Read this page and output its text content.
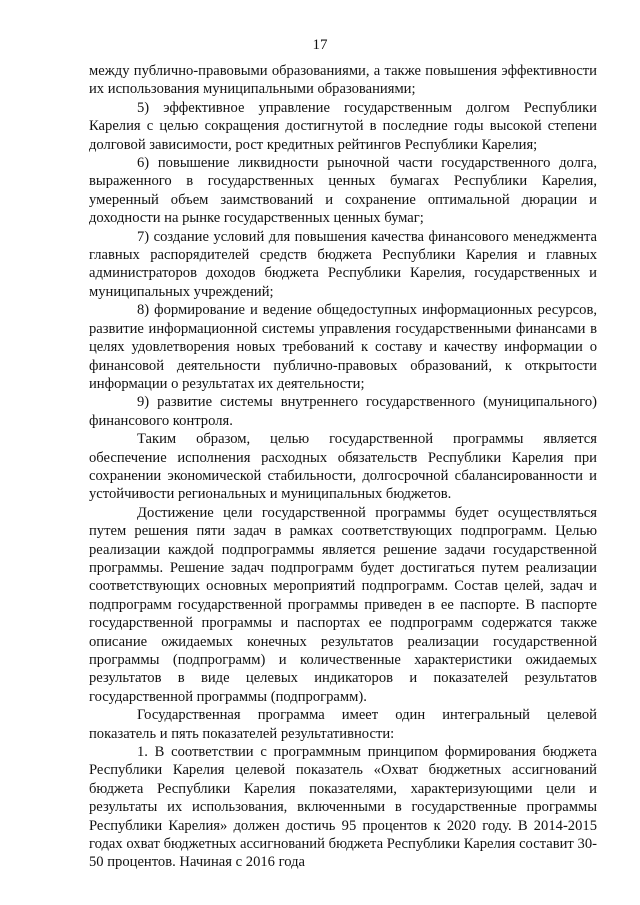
17

между публично-правовыми образованиями, а также повышения эффективности их использования муниципальными образованиями;

5) эффективное управление государственным долгом Республики Карелия с целью сокращения достигнутой в последние годы высокой степени долговой зависимости, рост кредитных рейтингов Республики Карелия;

6) повышение ликвидности рыночной части государственного долга, выраженного в государственных ценных бумагах Республики Карелия, умеренный объем заимствований и сохранение оптимальной дюрации и доходности на рынке государственных ценных бумаг;

7) создание условий для повышения качества финансового менеджмента главных распорядителей средств бюджета Республики Карелия и главных администраторов доходов бюджета Республики Карелия, государственных и муниципальных учреждений;

8) формирование и ведение общедоступных информационных ресурсов, развитие информационной системы управления государственными финансами в целях удовлетворения новых требований к составу и качеству информации о финансовой деятельности публично-правовых образований, к открытости информации о результатах их деятельности;

9) развитие системы внутреннего государственного (муниципального) финансового контроля.

Таким образом, целью государственной программы является обеспечение исполнения расходных обязательств Республики Карелия при сохранении экономической стабильности, долгосрочной сбалансированности и устойчивости региональных и муниципальных бюджетов.

Достижение цели государственной программы будет осуществляться путем решения пяти задач в рамках соответствующих подпрограмм. Целью реализации каждой подпрограммы является решение задачи государственной программы. Решение задач подпрограмм будет достигаться путем реализации соответствующих основных мероприятий подпрограмм. Состав целей, задач и подпрограмм государственной программы приведен в ее паспорте. В паспорте государственной программы и паспортах ее подпрограмм содержатся также описание ожидаемых конечных результатов реализации государственной программы (подпрограмм) и количественные характеристики ожидаемых результатов в виде целевых индикаторов и показателей результатов государственной программы (подпрограмм).

Государственная программа имеет один интегральный целевой показатель и пять показателей результативности:

1. В соответствии с программным принципом формирования бюджета Республики Карелия целевой показатель «Охват бюджетных ассигнований бюджета Республики Карелия показателями, характеризующими цели и результаты их использования, включенными в государственные программы Республики Карелия» должен достичь 95 процентов к 2020 году. В 2014-2015 годах охват бюджетных ассигнований бюджета Республики Карелия составит 30-50 процентов. Начиная с 2016 года
